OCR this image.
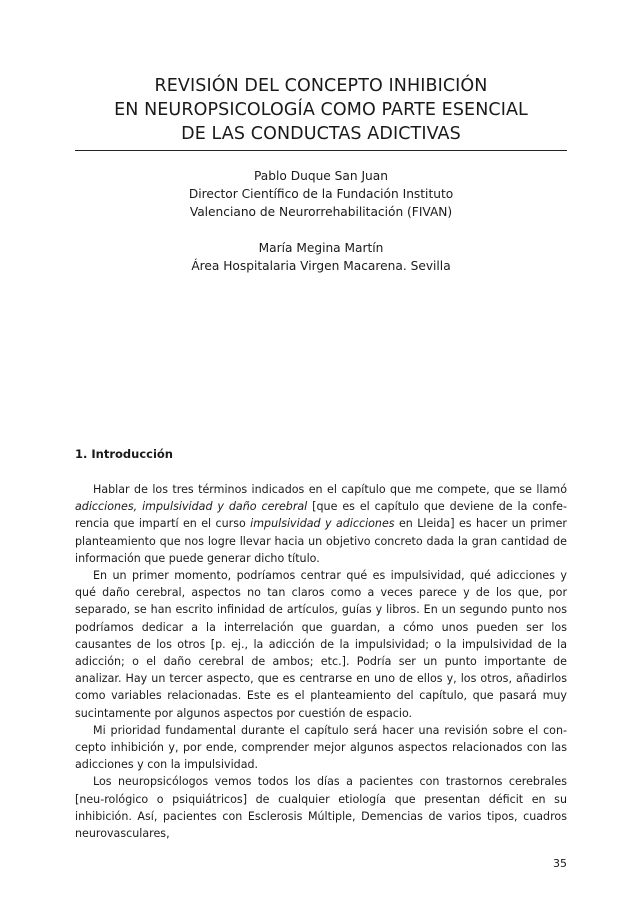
REVISIÓN DEL CONCEPTO INHIBICIÓN
EN NEUROPSICOLOGÍA COMO PARTE ESENCIAL
DE LAS CONDUCTAS ADICTIVAS
Pablo Duque San Juan
Director Científico de la Fundación Instituto
Valenciano de Neurorrehabilitación (FIVAN)
María Megina Martín
Área Hospitalaria Virgen Macarena. Sevilla
1. Introducción

Hablar de los tres términos indicados en el capítulo que me compete, que se llamó adicciones, impulsividad y daño cerebral [que es el capítulo que deviene de la confe-rencia que impartí en el curso impulsividad y adicciones en Lleida] es hacer un primer planteamiento que nos logre llevar hacia un objetivo concreto dada la gran cantidad de información que puede generar dicho título.

En un primer momento, podríamos centrar qué es impulsividad, qué adicciones y qué daño cerebral, aspectos no tan claros como a veces parece y de los que, por separado, se han escrito infinidad de artículos, guías y libros. En un segundo punto nos podríamos dedicar a la interrelación que guardan, a cómo unos pueden ser los causantes de los otros [p. ej., la adicción de la impulsividad; o la impulsividad de la adicción; o el daño cerebral de ambos; etc.]. Podría ser un punto importante de analizar. Hay un tercer aspecto, que es centrarse en uno de ellos y, los otros, añadirlos como variables relacionadas. Este es el planteamiento del capítulo, que pasará muy sucintamente por algunos aspectos por cuestión de espacio.

Mi prioridad fundamental durante el capítulo será hacer una revisión sobre el con-cepto inhibición y, por ende, comprender mejor algunos aspectos relacionados con las adicciones y con la impulsividad.

Los neuropsicólogos vemos todos los días a pacientes con trastornos cerebrales [neu-rológico o psiquiátricos] de cualquier etiología que presentan déficit en su inhibición. Así, pacientes con Esclerosis Múltiple, Demencias de varios tipos, cuadros neurovasculares,

35
